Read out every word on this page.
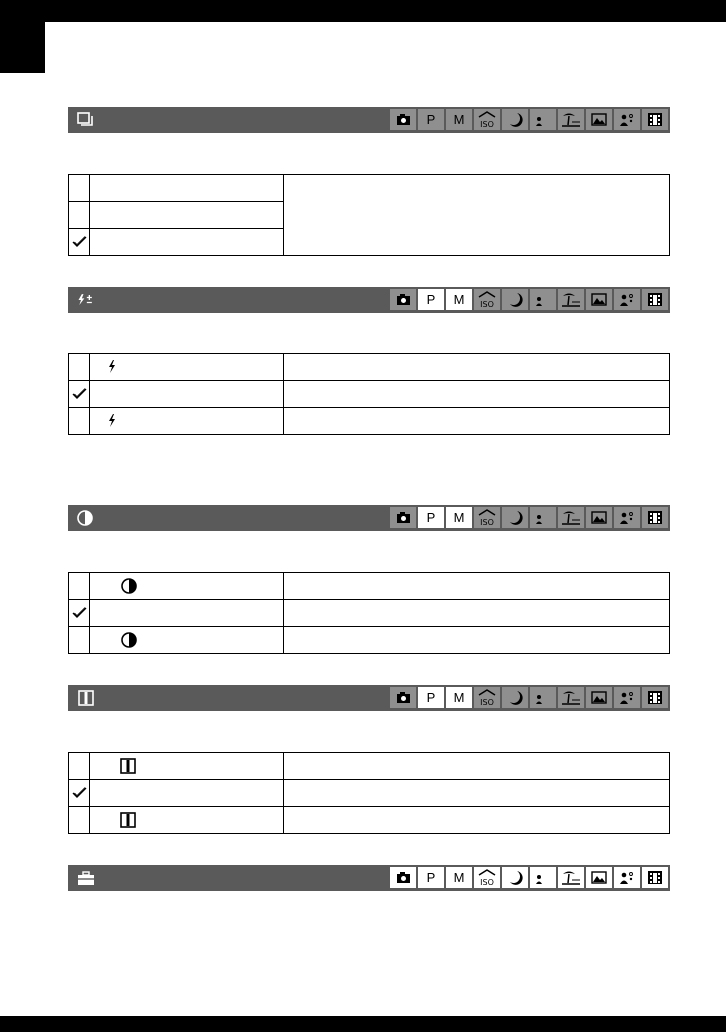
P	M	ISO

P	M	ISO

P	M	ISO

P	M	ISO

P	M	ISO
